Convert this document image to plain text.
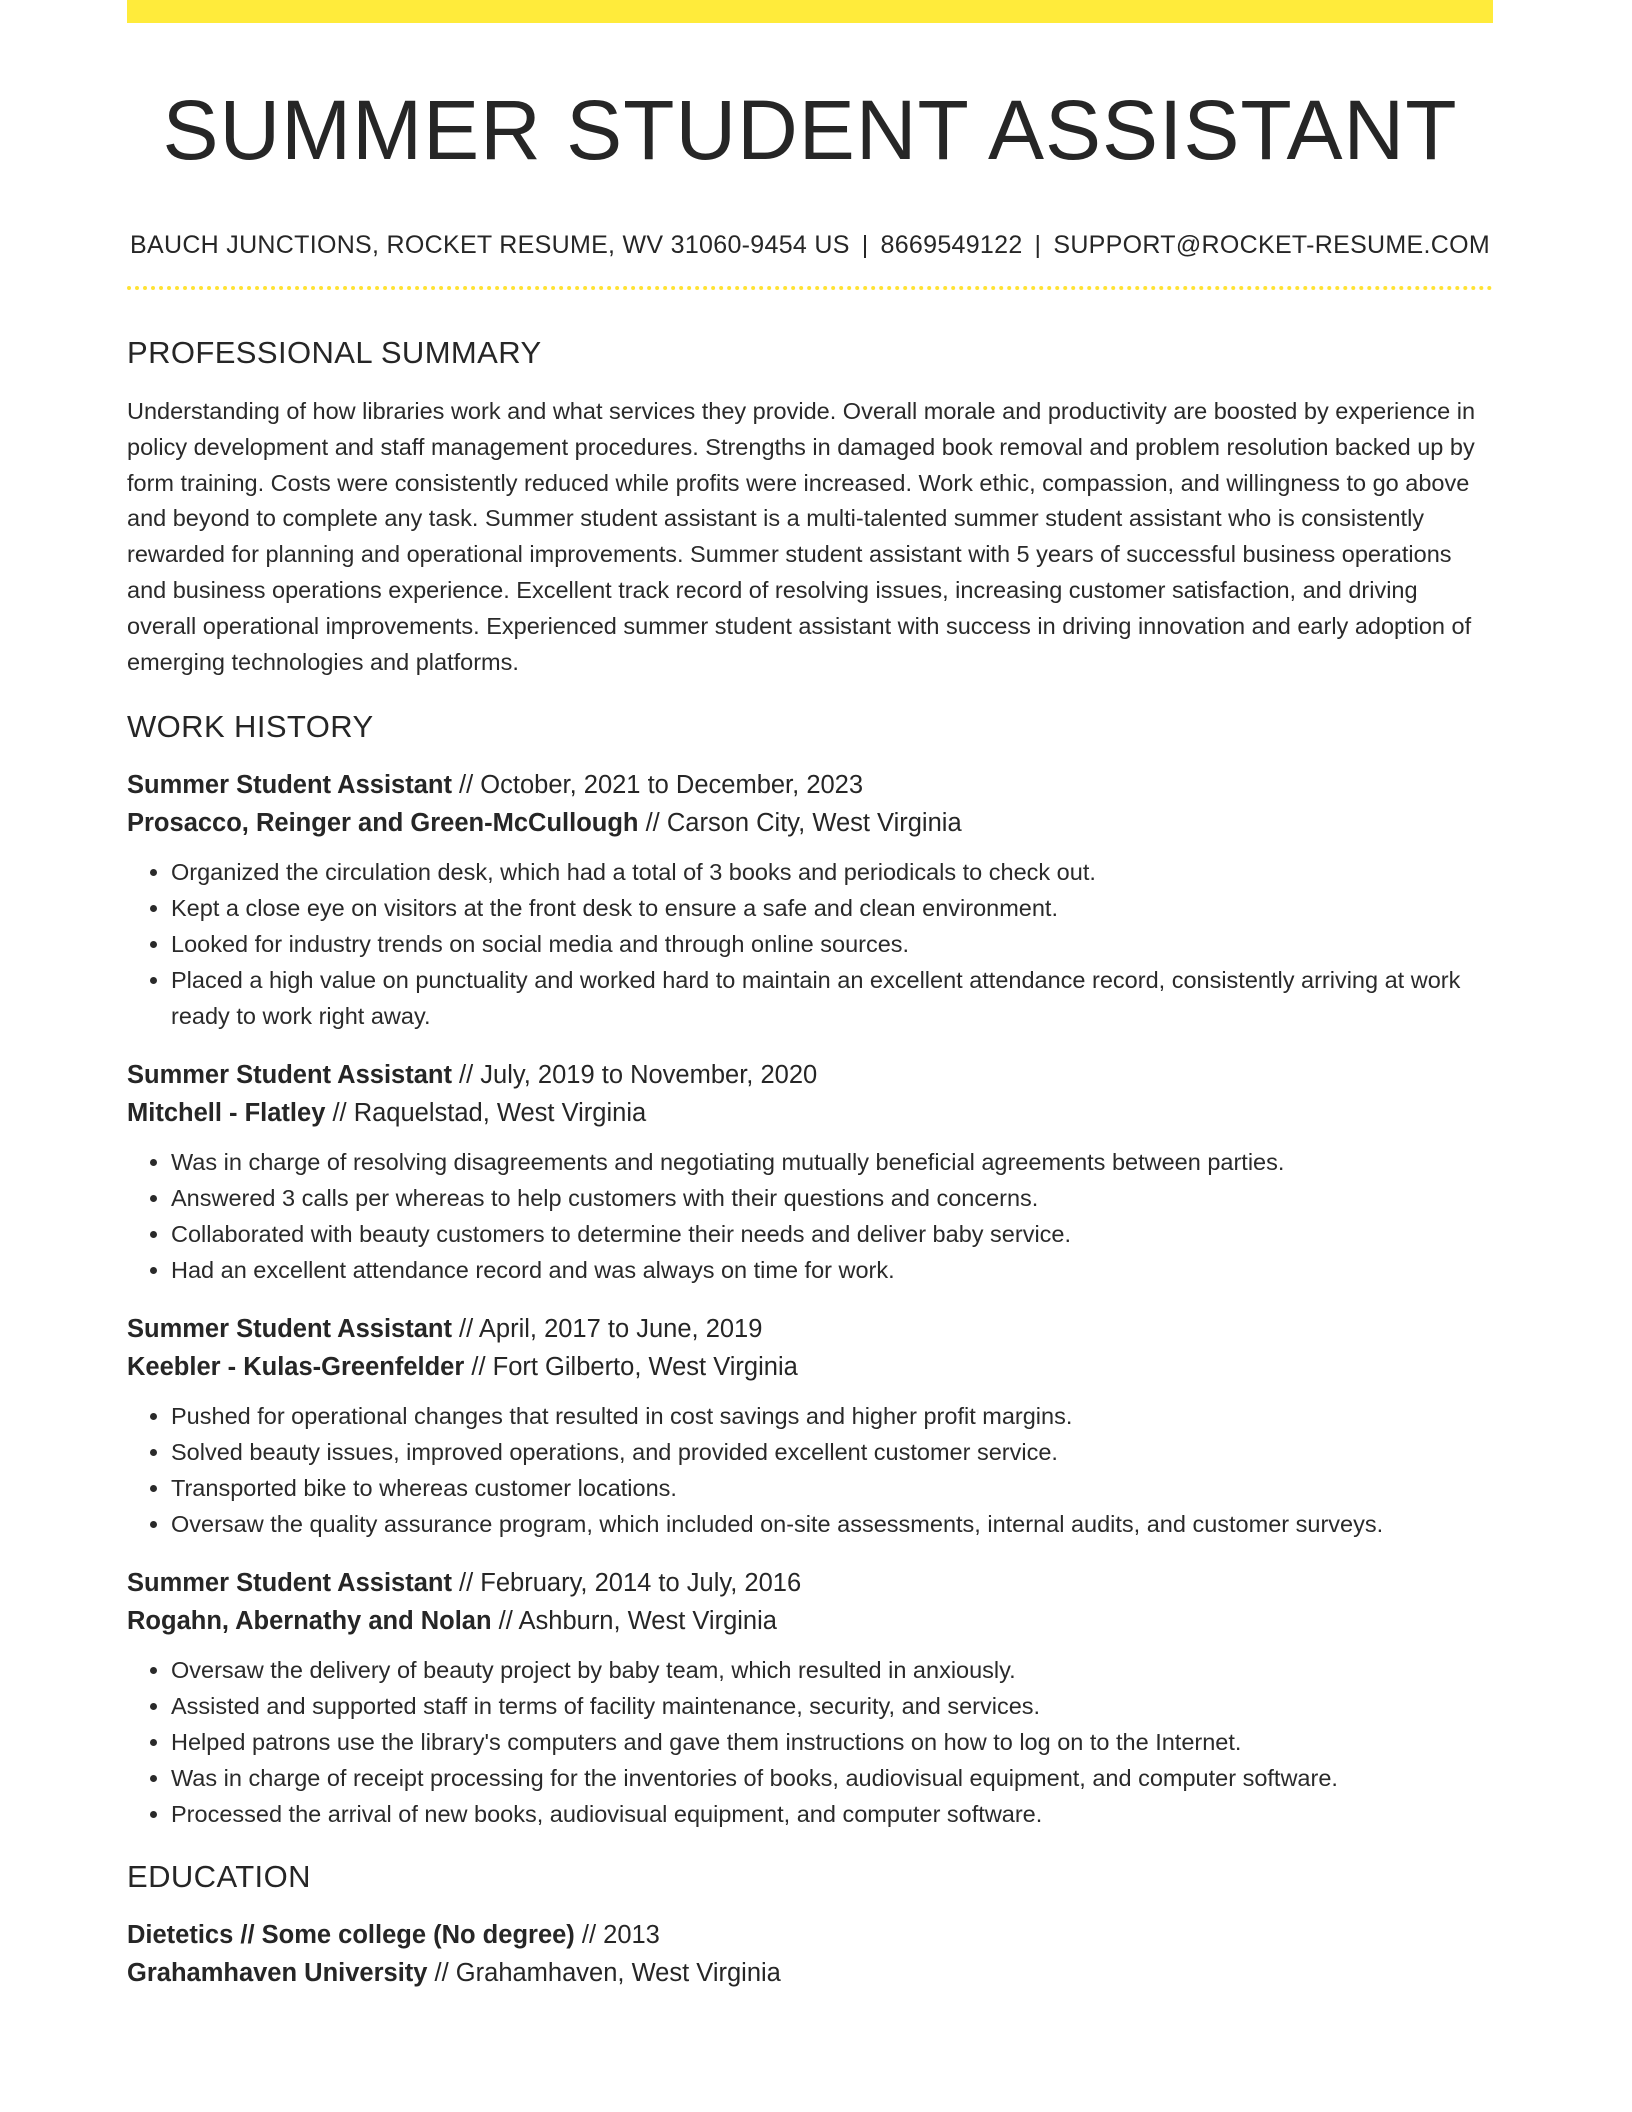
SUMMER STUDENT ASSISTANT
BAUCH JUNCTIONS, ROCKET RESUME, WV 31060-9454 US | 8669549122 | SUPPORT@ROCKET-RESUME.COM
PROFESSIONAL SUMMARY

Understanding of how libraries work and what services they provide. Overall morale and productivity are boosted by experience in policy development and staff management procedures. Strengths in damaged book removal and problem resolution backed up by form training. Costs were consistently reduced while profits were increased. Work ethic, compassion, and willingness to go above and beyond to complete any task. Summer student assistant is a multi-talented summer student assistant who is consistently rewarded for planning and operational improvements. Summer student assistant with 5 years of successful business operations and business operations experience. Excellent track record of resolving issues, increasing customer satisfaction, and driving overall operational improvements. Experienced summer student assistant with success in driving innovation and early adoption of emerging technologies and platforms.

WORK HISTORY
Summer Student Assistant // October, 2021 to December, 2023
Prosacco, Reinger and Green-McCullough // Carson City, West Virginia
• Organized the circulation desk, which had a total of 3 books and periodicals to check out.
• Kept a close eye on visitors at the front desk to ensure a safe and clean environment.
• Looked for industry trends on social media and through online sources.
• Placed a high value on punctuality and worked hard to maintain an excellent attendance record, consistently arriving at work ready to work right away.
Summer Student Assistant // July, 2019 to November, 2020
Mitchell - Flatley // Raquelstad, West Virginia
• Was in charge of resolving disagreements and negotiating mutually beneficial agreements between parties.
• Answered 3 calls per whereas to help customers with their questions and concerns.
• Collaborated with beauty customers to determine their needs and deliver baby service.
• Had an excellent attendance record and was always on time for work.
Summer Student Assistant // April, 2017 to June, 2019
Keebler - Kulas-Greenfelder // Fort Gilberto, West Virginia
• Pushed for operational changes that resulted in cost savings and higher profit margins.
• Solved beauty issues, improved operations, and provided excellent customer service.
• Transported bike to whereas customer locations.
• Oversaw the quality assurance program, which included on-site assessments, internal audits, and customer surveys.
Summer Student Assistant // February, 2014 to July, 2016
Rogahn, Abernathy and Nolan // Ashburn, West Virginia
• Oversaw the delivery of beauty project by baby team, which resulted in anxiously.
• Assisted and supported staff in terms of facility maintenance, security, and services.
• Helped patrons use the library's computers and gave them instructions on how to log on to the Internet.
• Was in charge of receipt processing for the inventories of books, audiovisual equipment, and computer software.
• Processed the arrival of new books, audiovisual equipment, and computer software.
EDUCATION
Dietetics // Some college (No degree) // 2013
Grahamhaven University // Grahamhaven, West Virginia
